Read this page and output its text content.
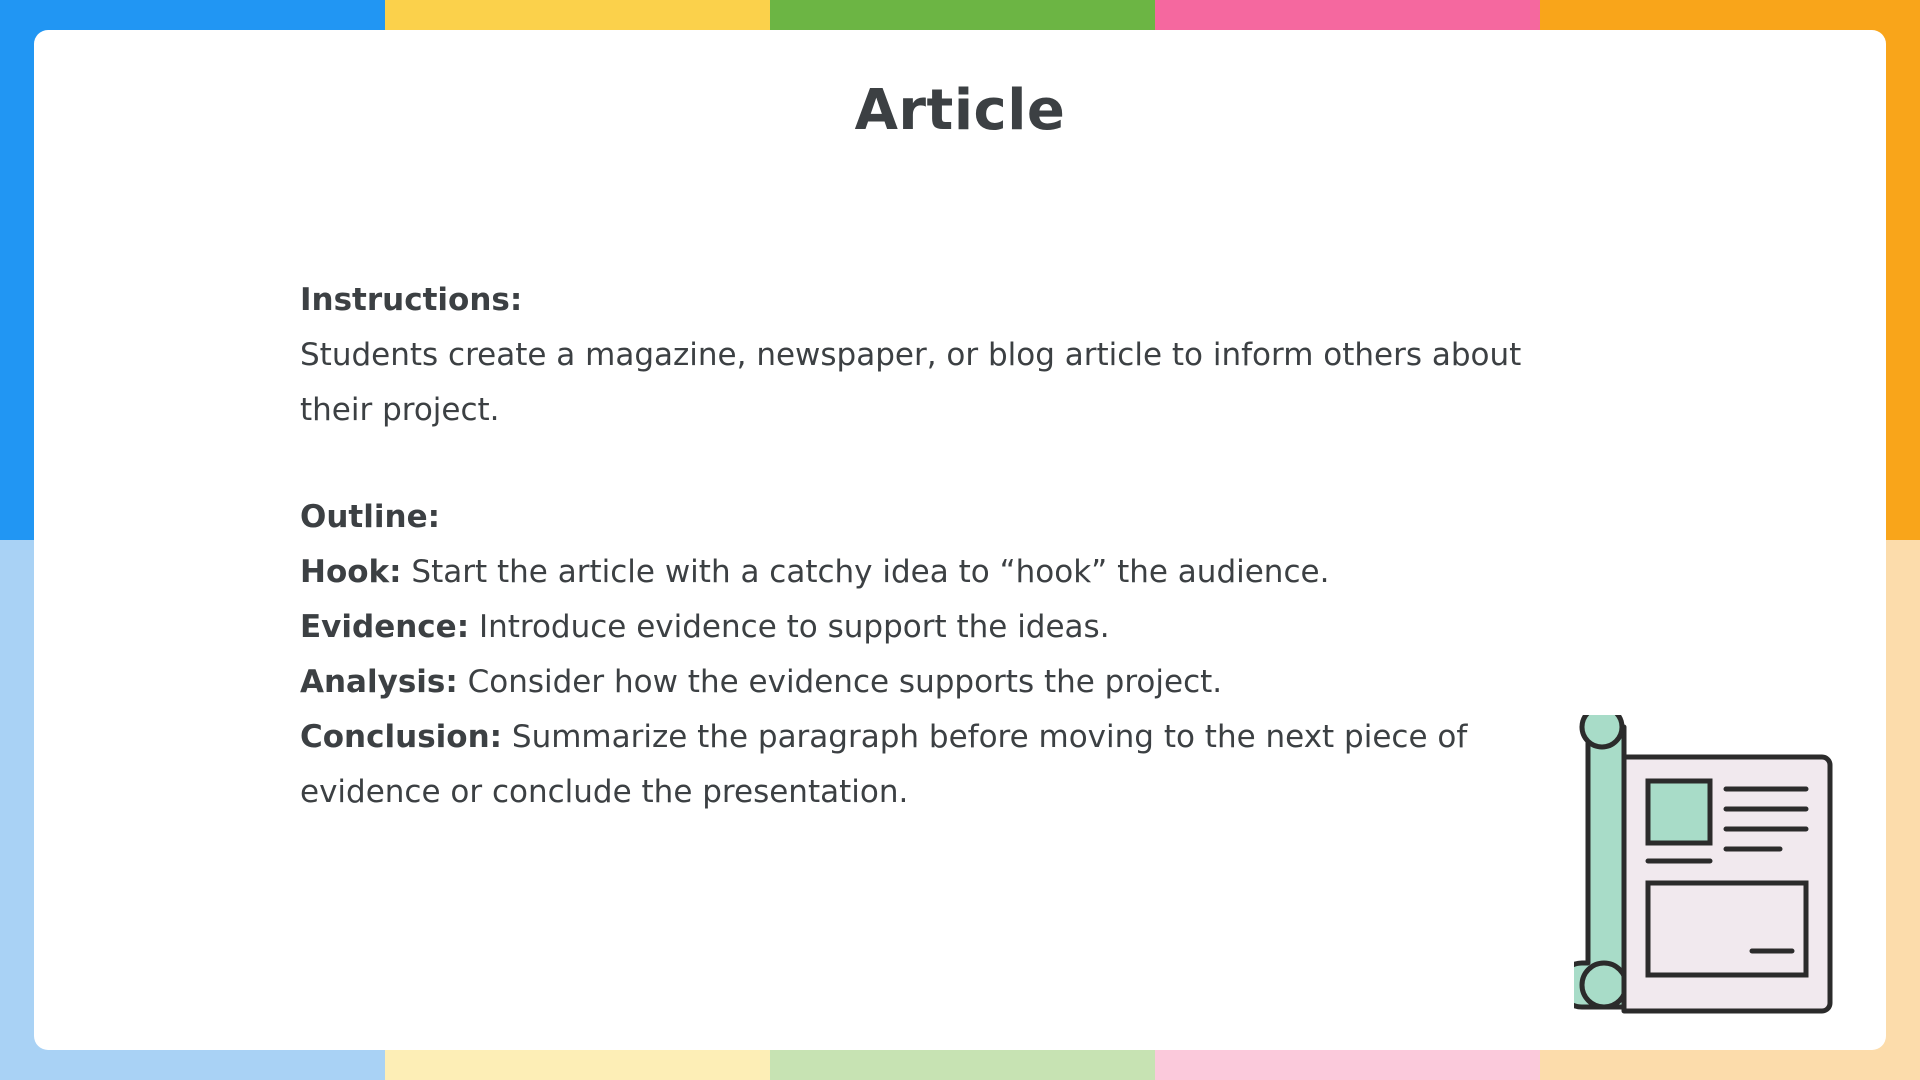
Article
Instructions:
Students create a magazine, newspaper, or blog article to inform others about their project.
Outline:
Hook: Start the article with a catchy idea to “hook” the audience.
Evidence: Introduce evidence to support the ideas.
Analysis: Consider how the evidence supports the project.
Conclusion: Summarize the paragraph before moving to the next piece of evidence or conclude the presentation.
